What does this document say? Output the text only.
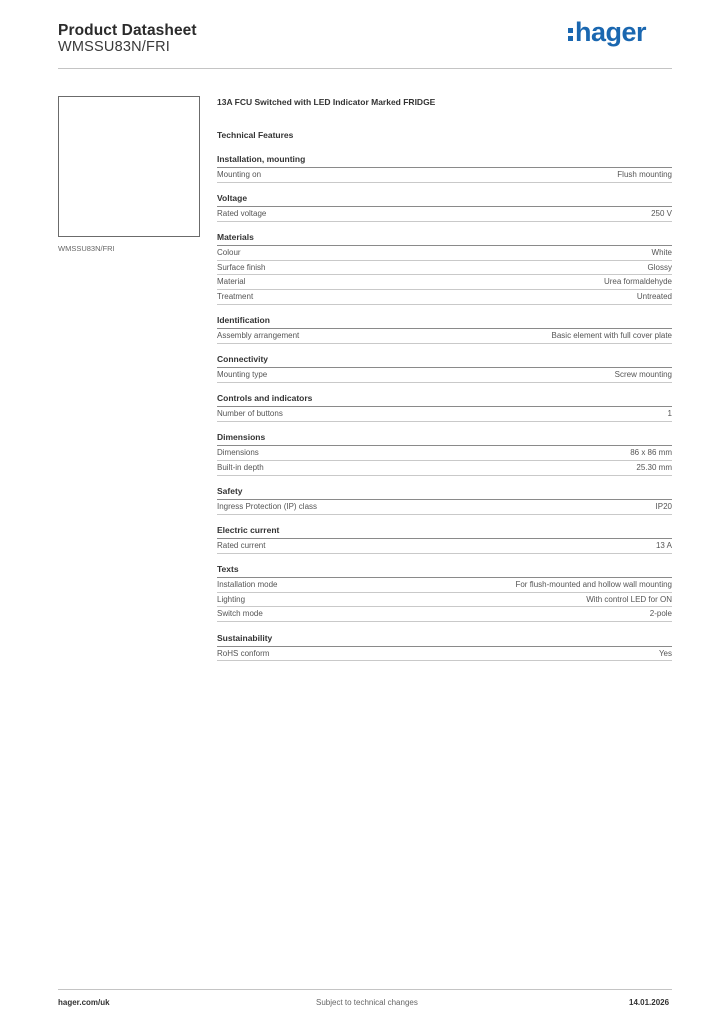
Product Datasheet
WMSSU83N/FRI	hager
WMSSU83N/FRI
13A FCU Switched with LED Indicator Marked FRIDGE
Technical Features
Installation, mounting
Mounting on	Flush mounting
Voltage
Rated voltage	250 V
Materials
Colour	White
Surface finish	Glossy
Material	Urea formaldehyde
Treatment	Untreated
Identification
Assembly arrangement	Basic element with full cover plate
Connectivity
Mounting type	Screw mounting
Controls and indicators
Number of buttons	1
Dimensions
Dimensions	86 x 86 mm
Built-in depth	25.30 mm
Safety
Ingress Protection (IP) class	IP20
Electric current
Rated current	13 A
Texts
Installation mode	For flush-mounted and hollow wall mounting
Lighting	With control LED for ON
Switch mode	2-pole
Sustainability
RoHS conform	Yes
hager.com/uk	Subject to technical changes	14.01.2026
